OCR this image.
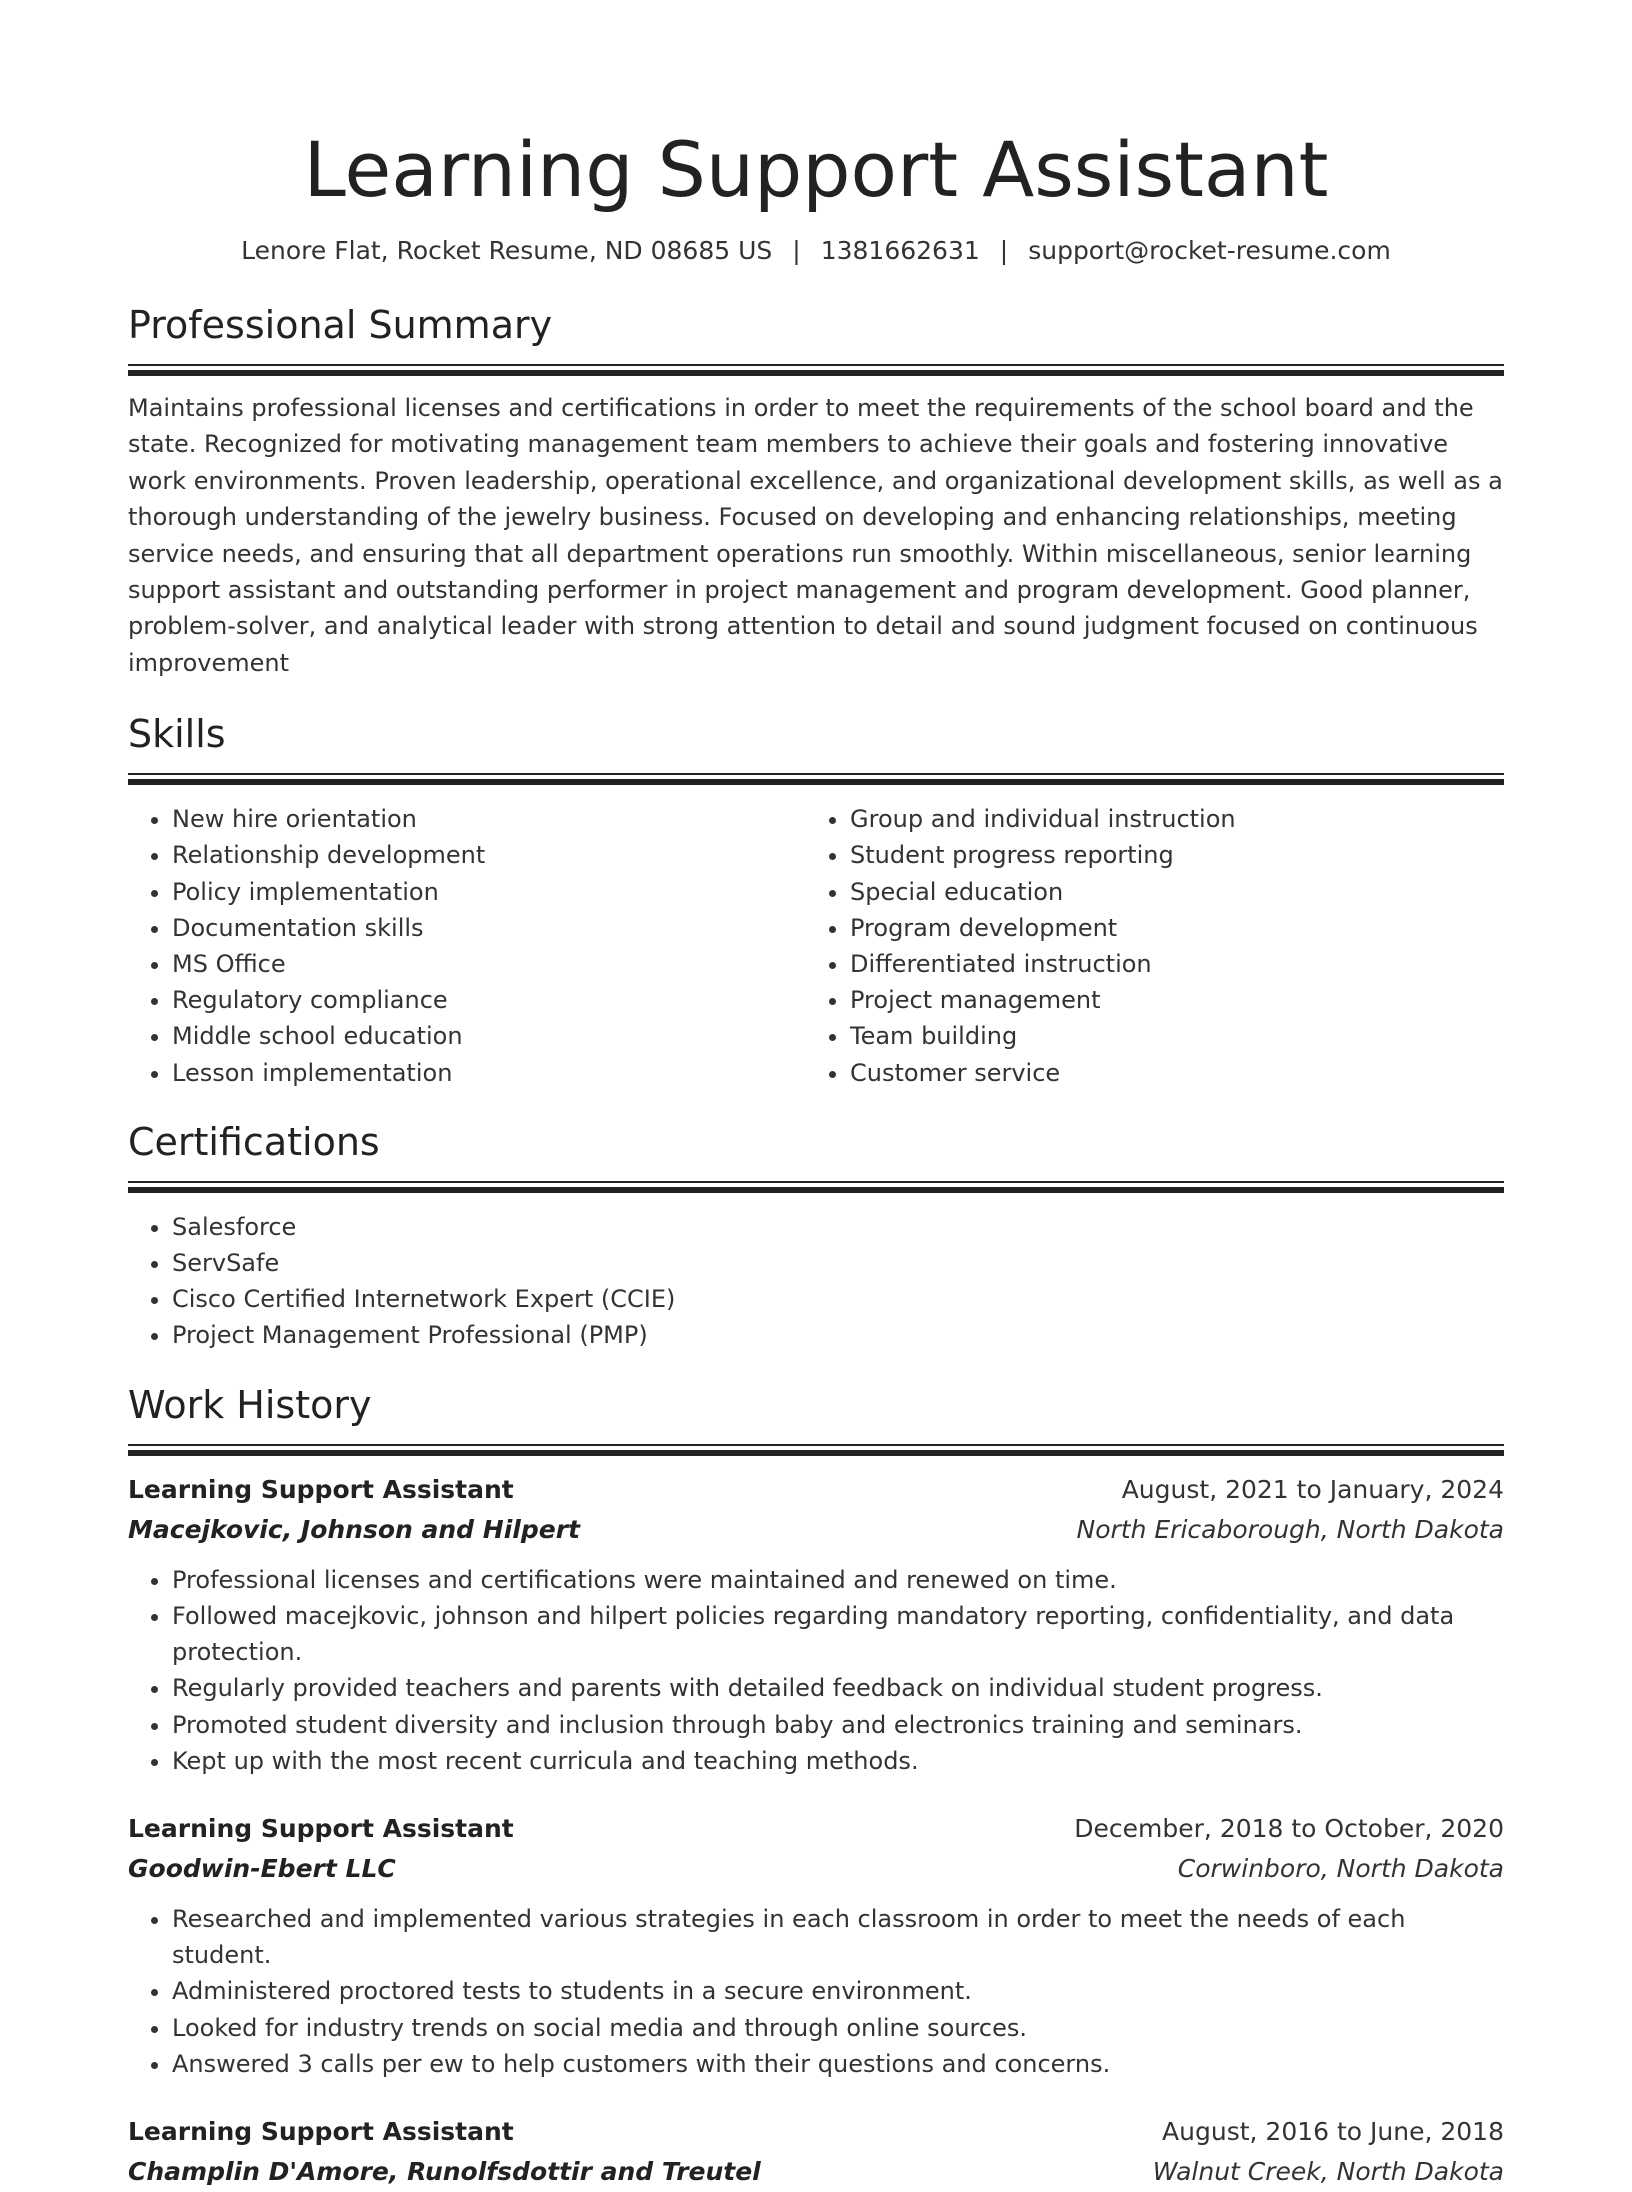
Learning Support Assistant
Lenore Flat, Rocket Resume, ND 08685 US | 1381662631 | support@rocket-resume.com
Professional Summary

Maintains professional licenses and certifications in order to meet the requirements of the school board and the state. Recognized for motivating management team members to achieve their goals and fostering innovative work environments. Proven leadership, operational excellence, and organizational development skills, as well as a thorough understanding of the jewelry business. Focused on developing and enhancing relationships, meeting service needs, and ensuring that all department operations run smoothly. Within miscellaneous, senior learning support assistant and outstanding performer in project management and program development. Good planner, problem-solver, and analytical leader with strong attention to detail and sound judgment focused on continuous improvement

Skills
• New hire orientation
• Relationship development
• Policy implementation
• Documentation skills
• MS Office
• Regulatory compliance
• Middle school education
• Lesson implementation
• Group and individual instruction
• Student progress reporting
• Special education
• Program development
• Differentiated instruction
• Project management
• Team building
• Customer service
Certifications
• Salesforce
• ServSafe
• Cisco Certified Internetwork Expert (CCIE)
• Project Management Professional (PMP)
Work History
Learning Support Assistant	August, 2021 to January, 2024
Macejkovic, Johnson and Hilpert	North Ericaborough, North Dakota
• Professional licenses and certifications were maintained and renewed on time.
• Followed macejkovic, johnson and hilpert policies regarding mandatory reporting, confidentiality, and data protection.
• Regularly provided teachers and parents with detailed feedback on individual student progress.
• Promoted student diversity and inclusion through baby and electronics training and seminars.
• Kept up with the most recent curricula and teaching methods.
Learning Support Assistant	December, 2018 to October, 2020
Goodwin-Ebert LLC	Corwinboro, North Dakota
• Researched and implemented various strategies in each classroom in order to meet the needs of each student.
• Administered proctored tests to students in a secure environment.
• Looked for industry trends on social media and through online sources.
• Answered 3 calls per ew to help customers with their questions and concerns.
Learning Support Assistant	August, 2016 to June, 2018
Champlin D'Amore, Runolfsdottir and Treutel	Walnut Creek, North Dakota
